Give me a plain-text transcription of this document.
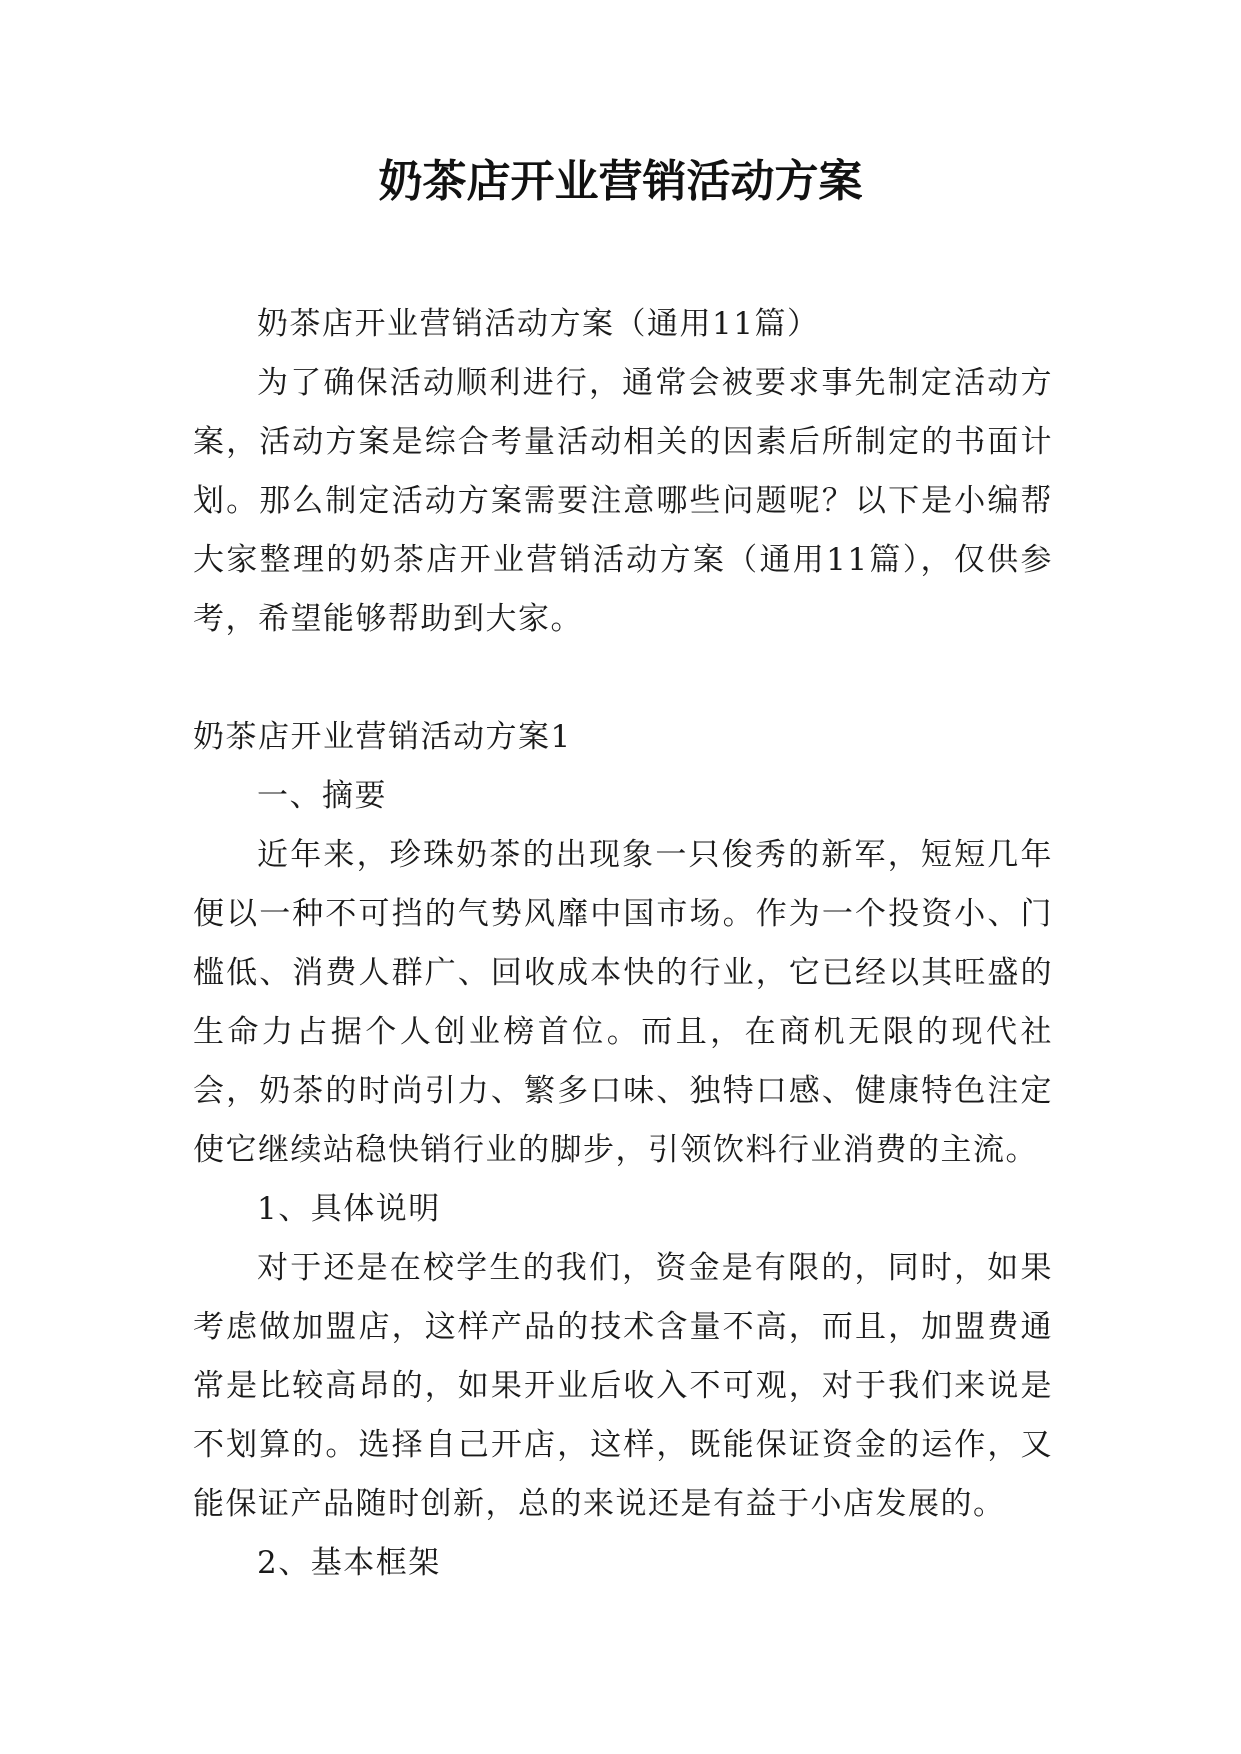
奶茶店开业营销活动方案

奶茶店开业营销活动方案（通用11篇）

为了确保活动顺利进行，通常会被要求事先制定活动方案，活动方案是综合考量活动相关的因素后所制定的书面计划。那么制定活动方案需要注意哪些问题呢？以下是小编帮大家整理的奶茶店开业营销活动方案（通用11篇），仅供参考，希望能够帮助到大家。

奶茶店开业营销活动方案1

一、摘要

近年来，珍珠奶茶的出现象一只俊秀的新军，短短几年便以一种不可挡的气势风靡中国市场。作为一个投资小、门槛低、消费人群广、回收成本快的行业，它已经以其旺盛的生命力占据个人创业榜首位。而且，在商机无限的现代社会，奶茶的时尚引力、繁多口味、独特口感、健康特色注定使它继续站稳快销行业的脚步，引领饮料行业消费的主流。

1、具体说明

对于还是在校学生的我们，资金是有限的，同时，如果考虑做加盟店，这样产品的技术含量不高，而且，加盟费通常是比较高昂的，如果开业后收入不可观，对于我们来说是不划算的。选择自己开店，这样，既能保证资金的运作，又能保证产品随时创新，总的来说还是有益于小店发展的。

2、基本框架
